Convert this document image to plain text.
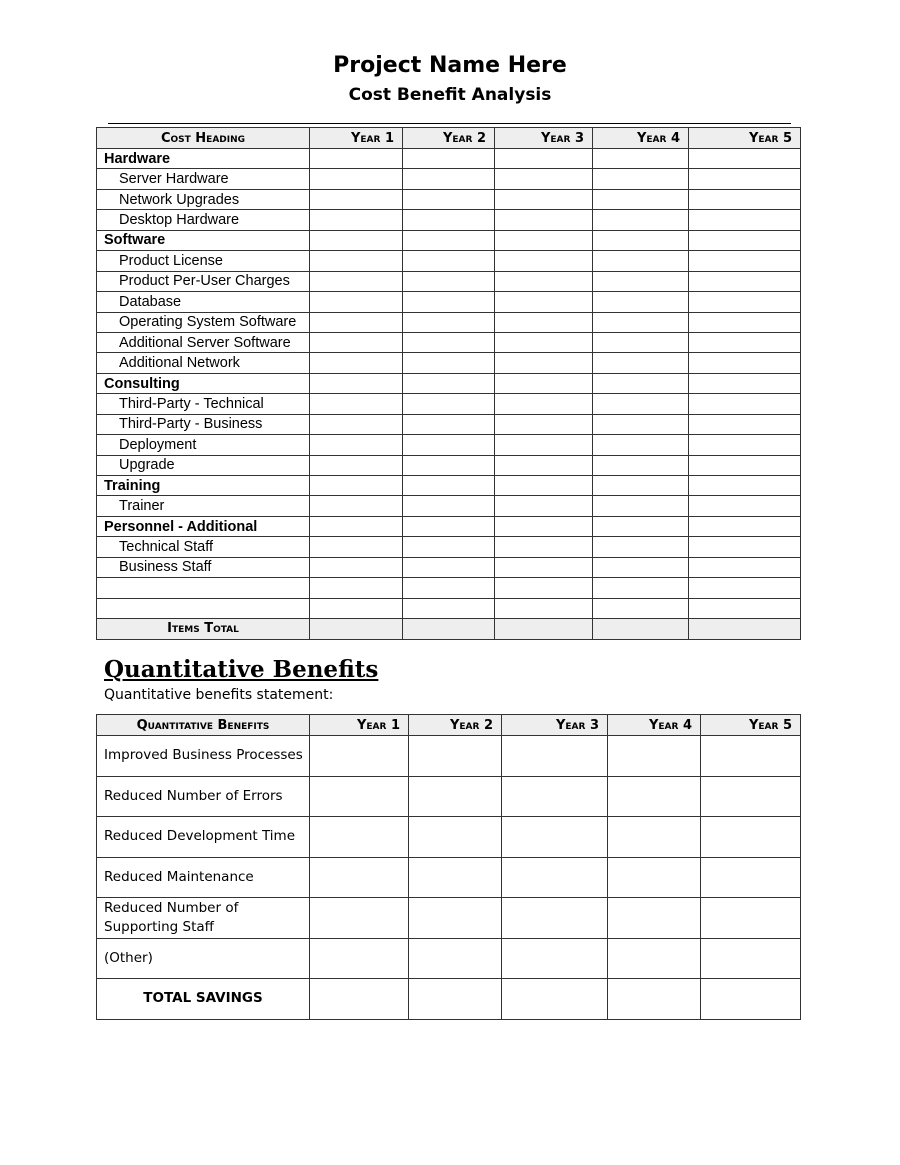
Project Name Here
Cost Benefit Analysis
Cost Heading	Year 1	Year 2	Year 3	Year 4	Year 5
Hardware					
Server Hardware					
Network Upgrades					
Desktop Hardware					
Software					
Product License					
Product Per-User Charges					
Database					
Operating System Software					
Additional Server Software					
Additional Network					
Consulting					
Third-Party - Technical					
Third-Party - Business					
Deployment					
Upgrade					
Training					
Trainer					
Personnel - Additional					
Technical Staff					
Business Staff					

Items Total					
Quantitative Benefits
Quantitative benefits statement:
Quantitative Benefits	Year 1	Year 2	Year 3	Year 4	Year 5
Improved Business Processes					
Reduced Number of Errors					
Reduced Development Time					
Reduced Maintenance					
Reduced Number of Supporting Staff					
(Other)					
TOTAL SAVINGS					
